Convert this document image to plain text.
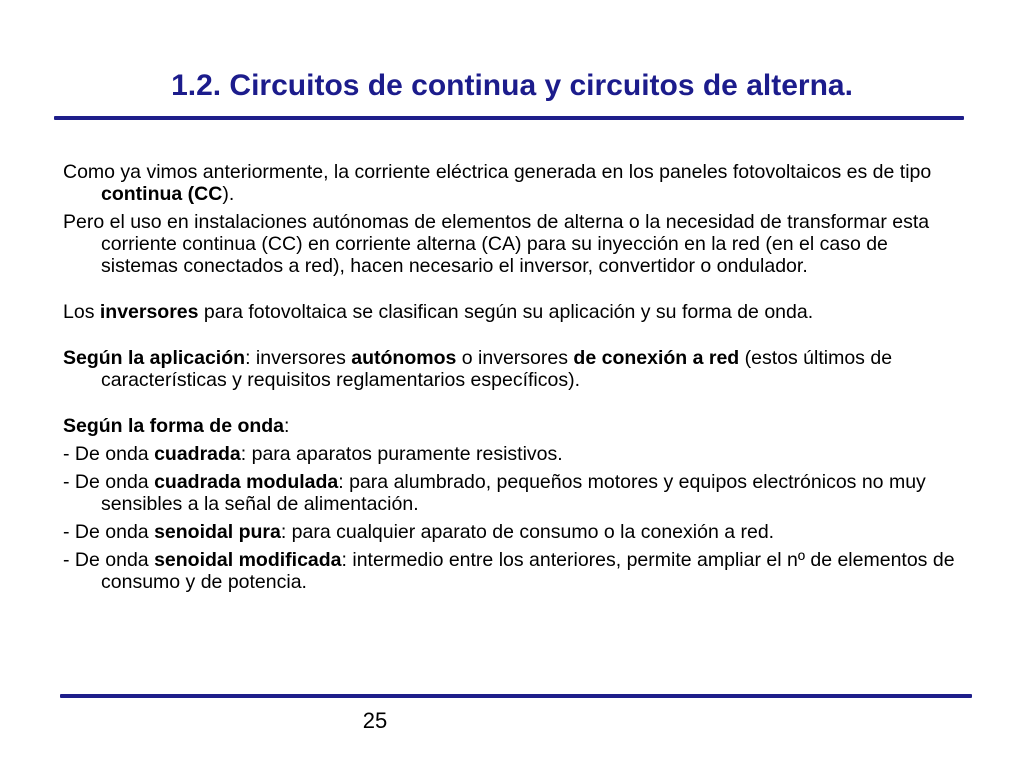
1.2. Circuitos de continua y circuitos de alterna.

Como ya vimos anteriormente, la corriente eléctrica generada en los paneles fotovoltaicos es de tipo continua (CC).

Pero el uso en instalaciones autónomas de elementos de alterna o la necesidad de transformar esta corriente continua (CC) en corriente alterna (CA) para su inyección en la red (en el caso de sistemas conectados a red), hacen necesario el inversor, convertidor o ondulador.

Los inversores para fotovoltaica se clasifican según su aplicación y su forma de onda.

Según la aplicación: inversores autónomos o inversores de conexión a red (estos últimos de características y requisitos reglamentarios específicos).

Según la forma de onda:

- De onda cuadrada: para aparatos puramente resistivos.

- De onda cuadrada modulada: para alumbrado, pequeños motores y equipos electrónicos no muy sensibles a la señal de alimentación.

- De onda senoidal pura: para cualquier aparato de consumo o la conexión a red.

- De onda senoidal modificada: intermedio entre los anteriores, permite ampliar el nº de elementos de consumo y de potencia.

25
